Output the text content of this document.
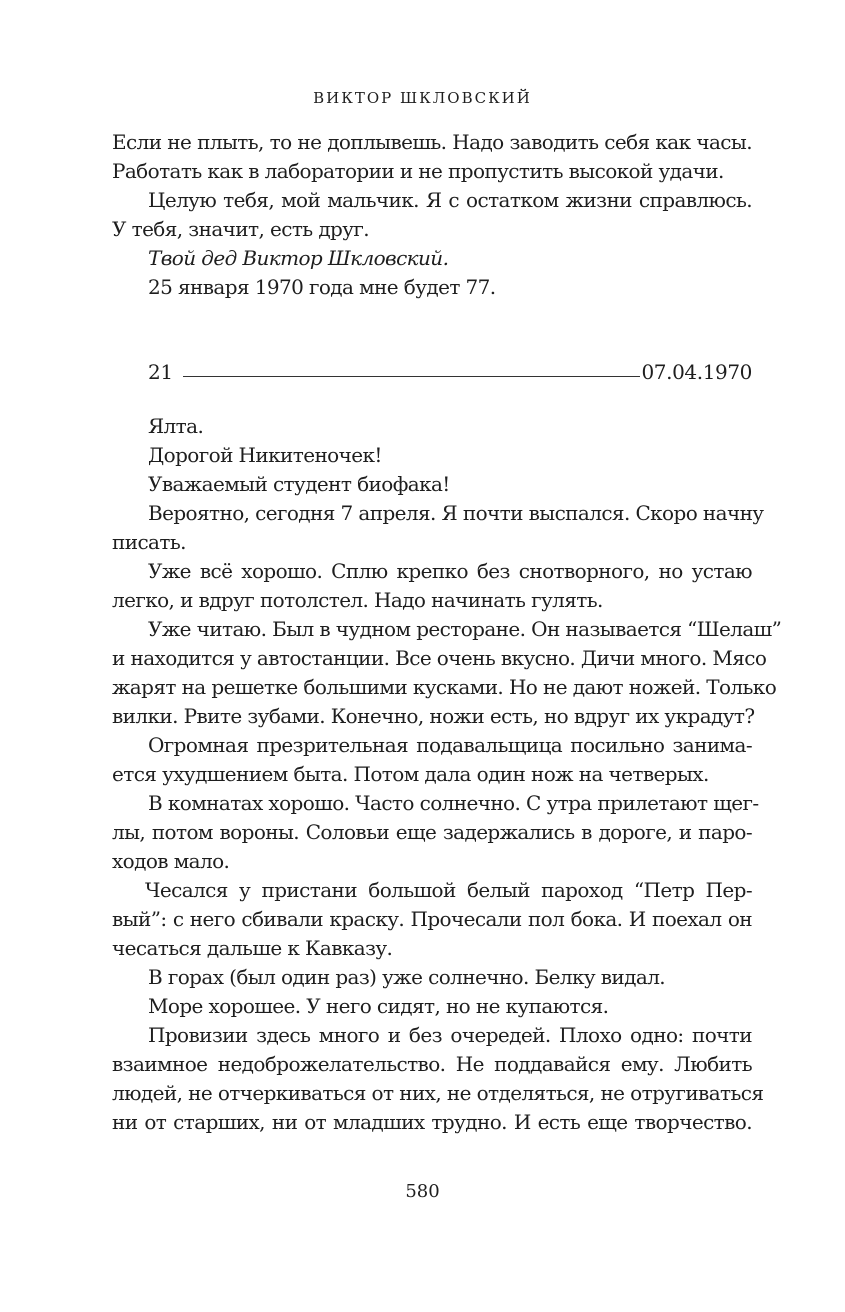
ВИКТОР ШКЛОВСКИЙ

Если не плыть, то не доплывешь. Надо заводить себя как часы.

Работать как в лаборатории и не пропустить высокой удачи.

Целую тебя, мой мальчик. Я с остатком жизни справлюсь.

У тебя, значит, есть друг.

Твой дед Виктор Шкловский.

25 января 1970 года мне будет 77.

21	07.04.1970

Ялта.

Дорогой Никитеночек!

Уважаемый студент биофака!

Вероятно, сегодня 7 апреля. Я почти выспался. Скоро начну

писать.

Уже всё хорошо. Сплю крепко без снотворного, но устаю

легко, и вдруг потолстел. Надо начинать гулять.

Уже читаю. Был в чудном ресторане. Он называется “Шелаш”

и находится у автостанции. Все очень вкусно. Дичи много. Мясо

жарят на решетке большими кусками. Но не дают ножей. Только

вилки. Рвите зубами. Конечно, ножи есть, но вдруг их украдут?

Огромная презрительная подавальщица посильно занима-

ется ухудшением быта. Потом дала один нож на четверых.

В комнатах хорошо. Часто солнечно. С утра прилетают щег-

лы, потом вороны. Соловьи еще задержались в дороге, и паро-

ходов мало.

Чесался у пристани большой белый пароход “Петр Пер-

вый”: с него сбивали краску. Прочесали пол бока. И поехал он

чесаться дальше к Кавказу.

В горах (был один раз) уже солнечно. Белку видал.

Море хорошее. У него сидят, но не купаются.

Провизии здесь много и без очередей. Плохо одно: почти

взаимное недоброжелательство. Не поддавайся ему. Любить

людей, не отчеркиваться от них, не отделяться, не отругиваться

ни от старших, ни от младших трудно. И есть еще творчество.

580
